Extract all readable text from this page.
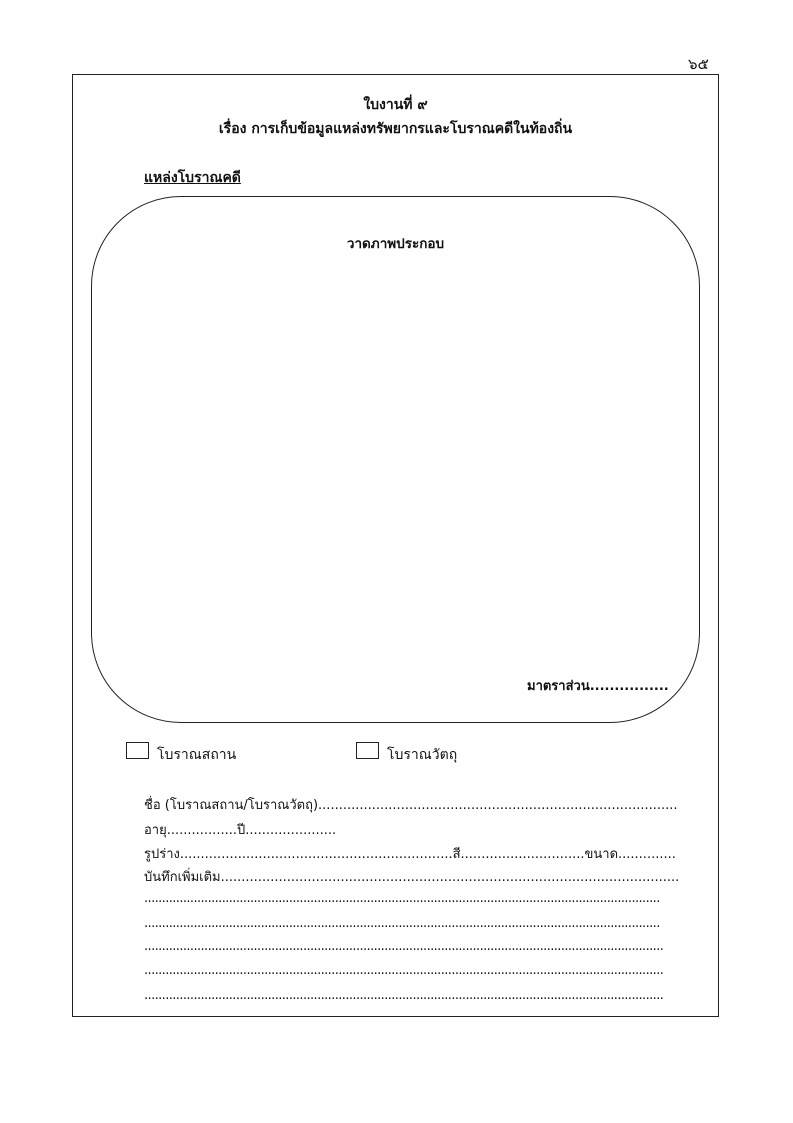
๖๕
ใบงานที่ ๙
เรื่อง การเก็บข้อมูลแหล่งทรัพยากรและโบราณคดีในท้องถิ่น
แหล่งโบราณคดี
วาดภาพประกอบ
มาตราส่วน................
โบราณสถาน	โบราณวัตถุ
ชื่อ (โบราณสถาน/โบราณวัตถุ).......................................................................................
อายุ.................ปี......................
รูปร่าง..................................................................สี..............................ขนาด..............
บันทึกเพิ่มเติม...............................................................................................................
..................................................................................................................................................
..................................................................................................................................................
...................................................................................................................................................
...................................................................................................................................................
...................................................................................................................................................
